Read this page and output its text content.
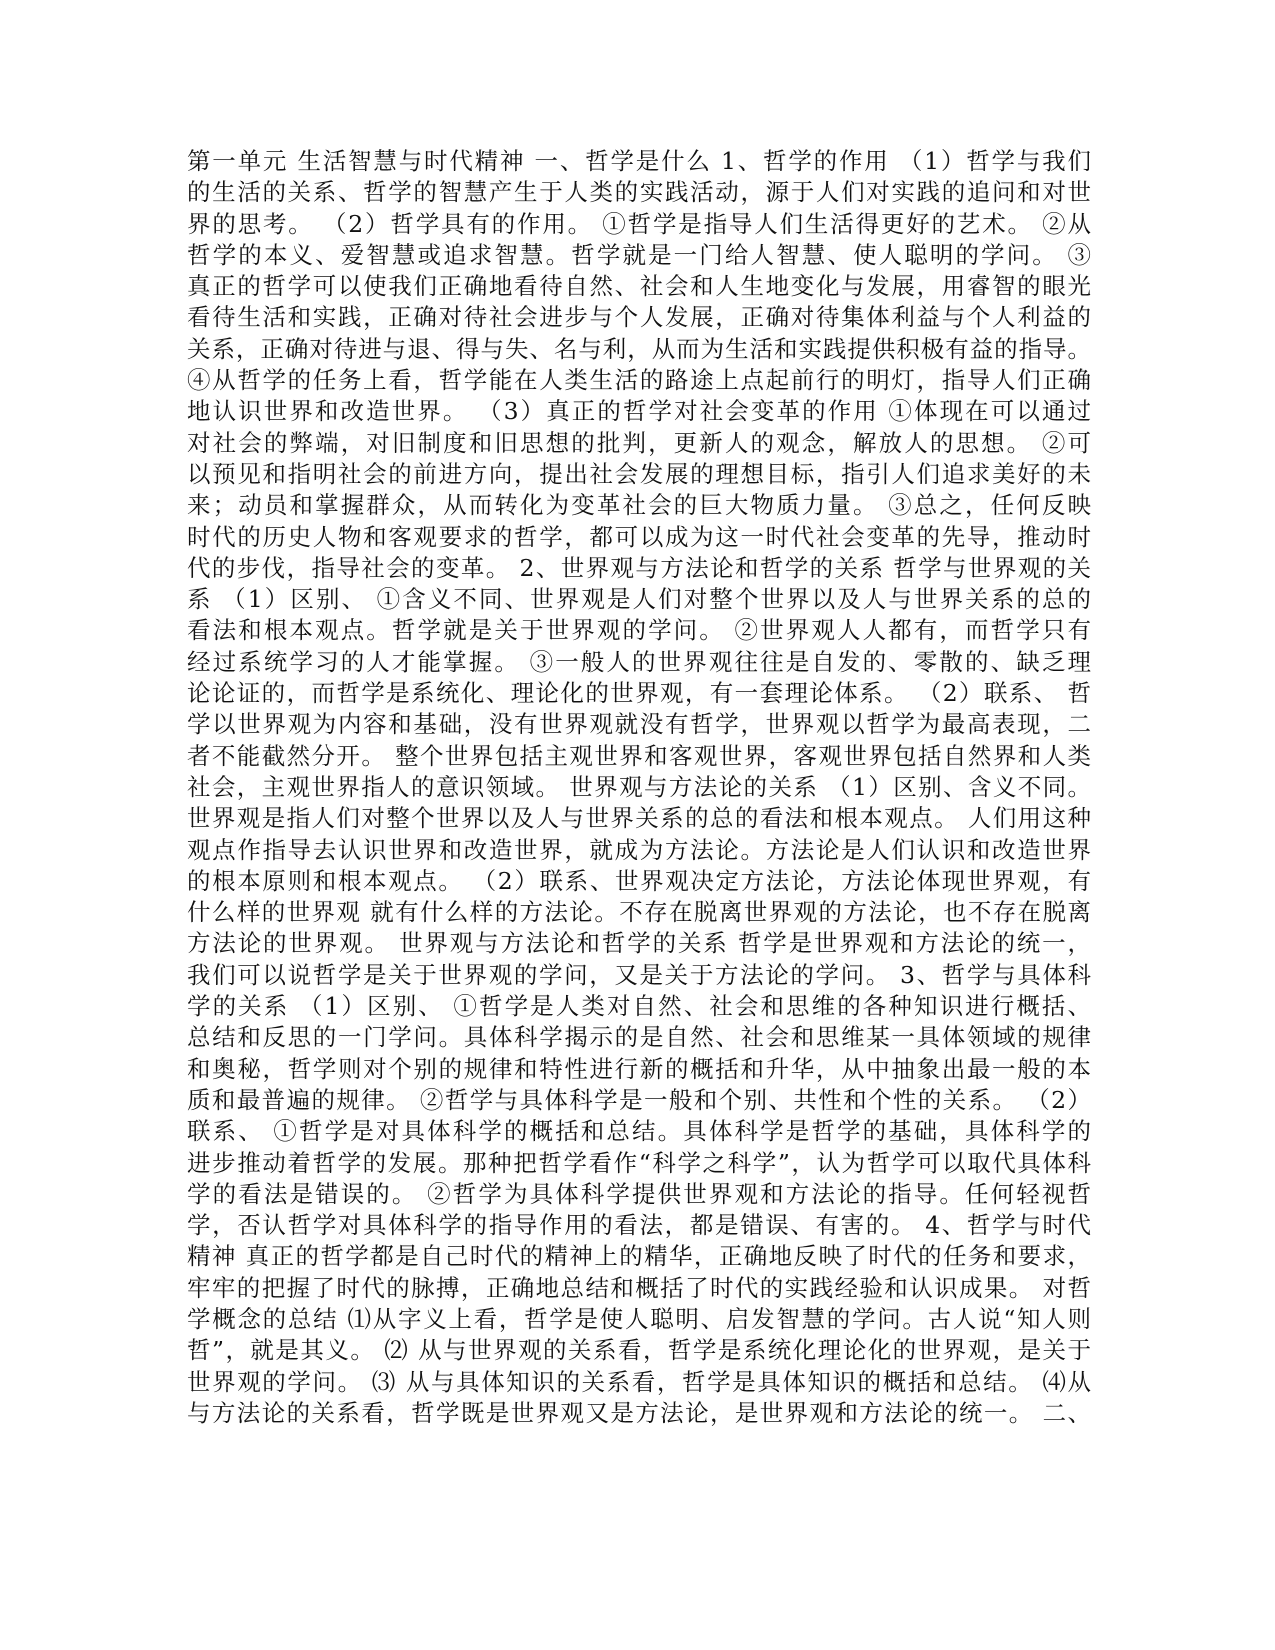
第一单元 生活智慧与时代精神 一、哲学是什么 1、哲学的作用 （1）哲学与我们
的生活的关系、哲学的智慧产生于人类的实践活动，源于人们对实践的追问和对世
界的思考。 （2）哲学具有的作用。 ①哲学是指导人们生活得更好的艺术。 ②从
哲学的本义、爱智慧或追求智慧。哲学就是一门给人智慧、使人聪明的学问。 ③
真正的哲学可以使我们正确地看待自然、社会和人生地变化与发展，用睿智的眼光
看待生活和实践，正确对待社会进步与个人发展，正确对待集体利益与个人利益的
关系，正确对待进与退、得与失、名与利，从而为生活和实践提供积极有益的指导。
④从哲学的任务上看，哲学能在人类生活的路途上点起前行的明灯，指导人们正确
地认识世界和改造世界。 （3）真正的哲学对社会变革的作用 ①体现在可以通过
对社会的弊端，对旧制度和旧思想的批判，更新人的观念，解放人的思想。 ②可
以预见和指明社会的前进方向，提出社会发展的理想目标，指引人们追求美好的未
来；动员和掌握群众，从而转化为变革社会的巨大物质力量。 ③总之，任何反映
时代的历史人物和客观要求的哲学，都可以成为这一时代社会变革的先导，推动时
代的步伐，指导社会的变革。 2、世界观与方法论和哲学的关系 哲学与世界观的关
系 （1）区别、 ①含义不同、世界观是人们对整个世界以及人与世界关系的总的
看法和根本观点。哲学就是关于世界观的学问。 ②世界观人人都有，而哲学只有
经过系统学习的人才能掌握。 ③一般人的世界观往往是自发的、零散的、缺乏理
论论证的，而哲学是系统化、理论化的世界观，有一套理论体系。 （2）联系、 哲
学以世界观为内容和基础，没有世界观就没有哲学，世界观以哲学为最高表现，二
者不能截然分开。 整个世界包括主观世界和客观世界，客观世界包括自然界和人类
社会，主观世界指人的意识领域。 世界观与方法论的关系 （1）区别、含义不同。
世界观是指人们对整个世界以及人与世界关系的总的看法和根本观点。 人们用这种
观点作指导去认识世界和改造世界，就成为方法论。方法论是人们认识和改造世界
的根本原则和根本观点。 （2）联系、世界观决定方法论，方法论体现世界观，有
什么样的世界观 就有什么样的方法论。不存在脱离世界观的方法论，也不存在脱离
方法论的世界观。 世界观与方法论和哲学的关系 哲学是世界观和方法论的统一，
我们可以说哲学是关于世界观的学问，又是关于方法论的学问。 3、哲学与具体科
学的关系 （1）区别、 ①哲学是人类对自然、社会和思维的各种知识进行概括、
总结和反思的一门学问。具体科学揭示的是自然、社会和思维某一具体领域的规律
和奥秘，哲学则对个别的规律和特性进行新的概括和升华，从中抽象出最一般的本
质和最普遍的规律。 ②哲学与具体科学是一般和个别、共性和个性的关系。 （2）
联系、 ①哲学是对具体科学的概括和总结。具体科学是哲学的基础，具体科学的
进步推动着哲学的发展。那种把哲学看作“科学之科学”，认为哲学可以取代具体科
学的看法是错误的。 ②哲学为具体科学提供世界观和方法论的指导。任何轻视哲
学，否认哲学对具体科学的指导作用的看法，都是错误、有害的。 4、哲学与时代
精神 真正的哲学都是自己时代的精神上的精华，正确地反映了时代的任务和要求，
牢牢的把握了时代的脉搏，正确地总结和概括了时代的实践经验和认识成果。 对哲
学概念的总结 ⑴从字义上看，哲学是使人聪明、启发智慧的学问。古人说“知人则
哲”，就是其义。 ⑵ 从与世界观的关系看，哲学是系统化理论化的世界观，是关于
世界观的学问。 ⑶ 从与具体知识的关系看，哲学是具体知识的概括和总结。 ⑷从
与方法论的关系看，哲学既是世界观又是方法论，是世界观和方法论的统一。 二、
